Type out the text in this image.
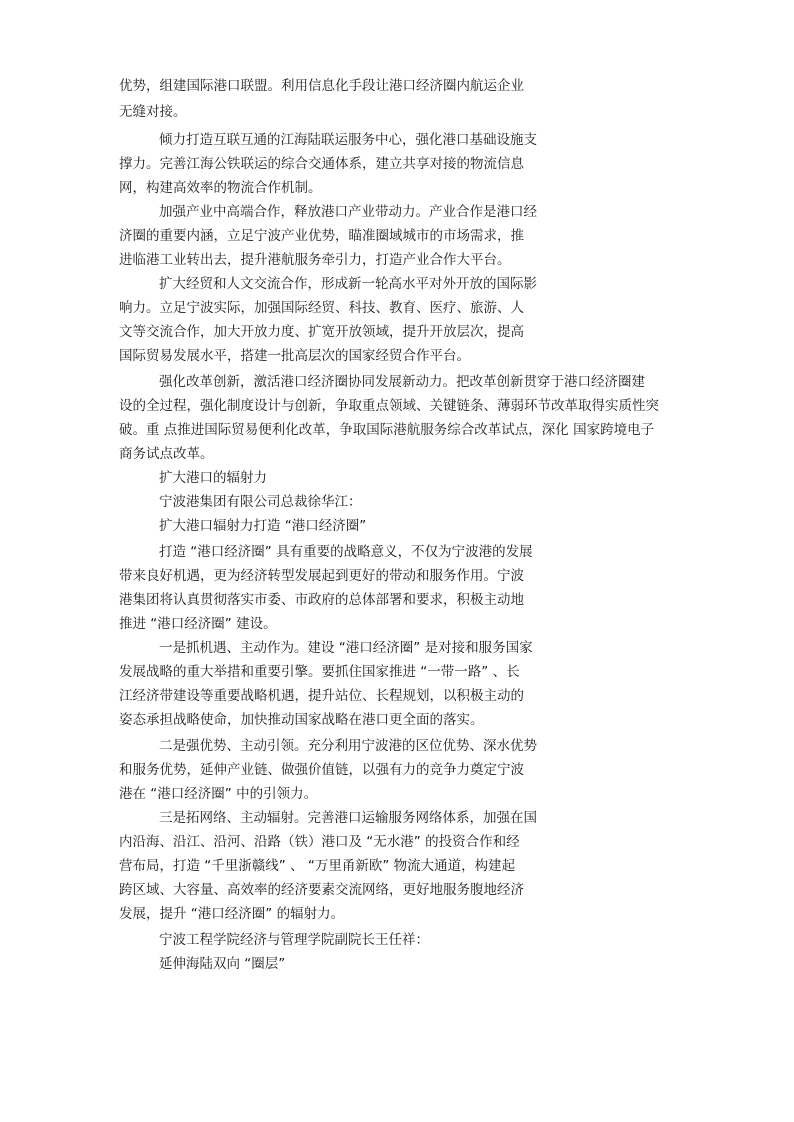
优势，组建国际港口联盟。利用信息化手段让港口经济圈内航运企业
无缝对接。
倾力打造互联互通的江海陆联运服务中心，强化港口基础设施支
撑力。完善江海公铁联运的综合交通体系，建立共享对接的物流信息
网，构建高效率的物流合作机制。
加强产业中高端合作，释放港口产业带动力。产业合作是港口经
济圈的重要内涵，立足宁波产业优势，瞄准圈域城市的市场需求，推
进临港工业转出去，提升港航服务牵引力，打造产业合作大平台。
扩大经贸和人文交流合作，形成新一轮高水平对外开放的国际影
响力。立足宁波实际，加强国际经贸、科技、教育、医疗、旅游、人
文等交流合作，加大开放力度、扩宽开放领域，提升开放层次，提高
国际贸易发展水平，搭建一批高层次的国家经贸合作平台。
强化改革创新，激活港口经济圈协同发展新动力。把改革创新贯穿于港口经济圈建
设的全过程，强化制度设计与创新，争取重点领域、关键链条、薄弱环节改革取得实质性突
破。重 点推进国际贸易便利化改革，争取国际港航服务综合改革试点，深化 国家跨境电子
商务试点改革。
扩大港口的辐射力
宁波港集团有限公司总裁徐华江：
扩大港口辐射力打造 “港口经济圈”
打造 “港口经济圈” 具有重要的战略意义，不仅为宁波港的发展
带来良好机遇，更为经济转型发展起到更好的带动和服务作用。宁波
港集团将认真贯彻落实市委、市政府的总体部署和要求，积极主动地
推进 “港口经济圈” 建设。
一是抓机遇、主动作为。建设 “港口经济圈” 是对接和服务国家
发展战略的重大举措和重要引擎。要抓住国家推进 “一带一路” 、长
江经济带建设等重要战略机遇，提升站位、长程规划，以积极主动的
姿态承担战略使命，加快推动国家战略在港口更全面的落实。
二是强优势、主动引领。充分利用宁波港的区位优势、深水优势
和服务优势，延伸产业链、做强价值链，以强有力的竞争力奠定宁波
港在 “港口经济圈” 中的引领力。
三是拓网络、主动辐射。完善港口运输服务网络体系，加强在国
内沿海、沿江、沿河、沿路（铁）港口及 “无水港” 的投资合作和经
营布局，打造 “千里浙赣线” 、 “万里甬新欧” 物流大通道，构建起
跨区域、大容量、高效率的经济要素交流网络，更好地服务腹地经济
发展，提升 “港口经济圈” 的辐射力。
宁波工程学院经济与管理学院副院长王任祥：
延伸海陆双向 “圈层”
